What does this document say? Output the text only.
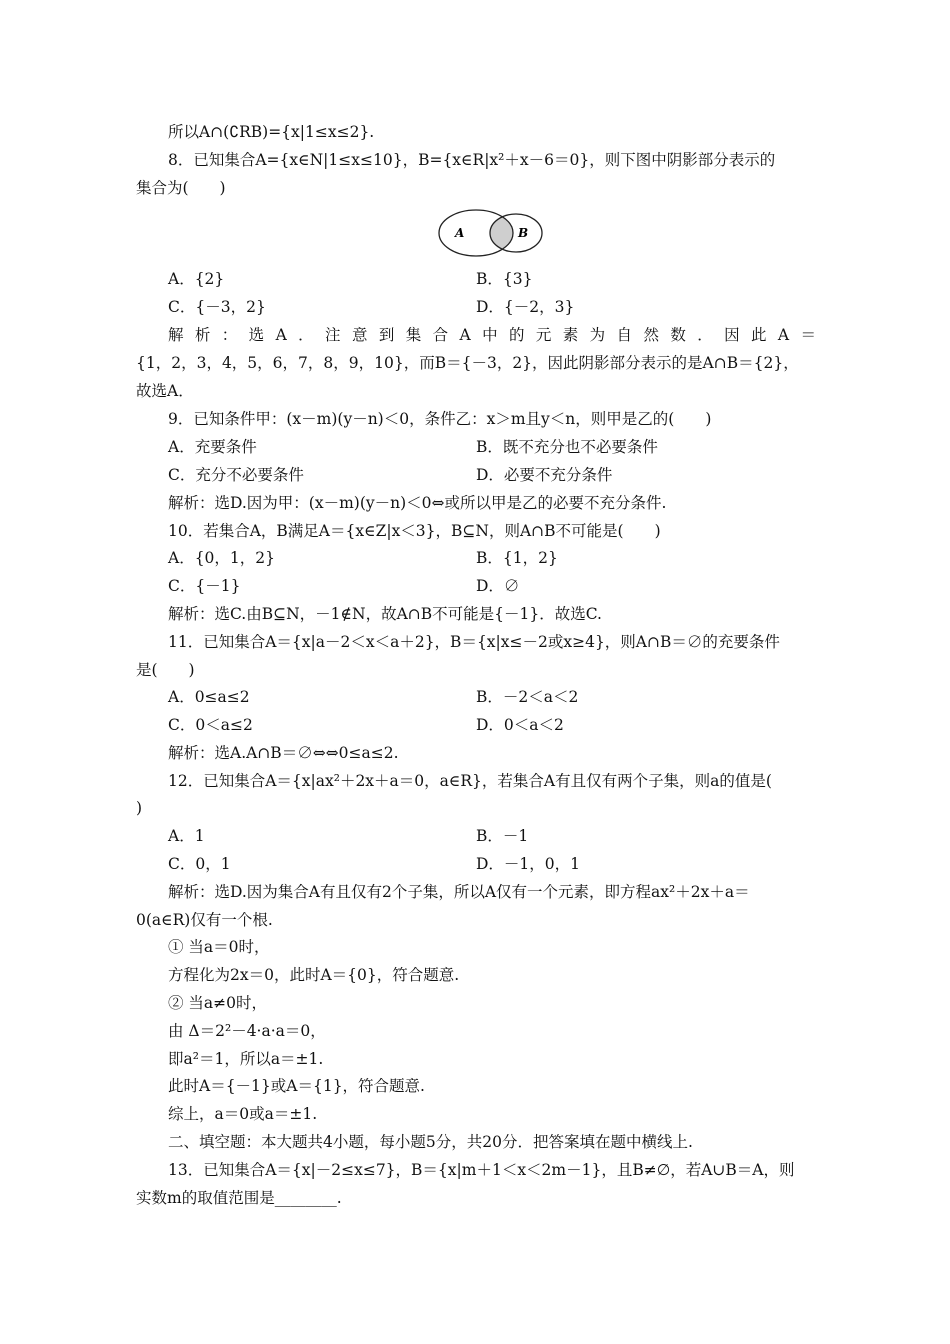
所以A∩(∁RB)={x|1≤x≤2}.
8．已知集合A={x∈N|1≤x≤10}，B={x∈R|x²＋x－6＝0}，则下图中阴影部分表示的
集合为(　　)
A	B
A．{2}	B．{3}
C．{－3，2}	D．{－2，3}
解析：选A．注意到集合A中的元素为自然数．因此A＝
{1，2，3，4，5，6，7，8，9，10}，而B＝{－3，2}，因此阴影部分表示的是A∩B＝{2}，
故选A．
9．已知条件甲：(x－m)(y－n)＜0，条件乙：x＞m且y＜n，则甲是乙的(　　)
A．充要条件	B．既不充分也不必要条件
C．充分不必要条件	D．必要不充分条件
解析：选D.因为甲：(x－m)(y－n)＜0⇔或所以甲是乙的必要不充分条件.
10．若集合A，B满足A＝{x∈Z|x＜3}，B⊆N，则A∩B不可能是(　　)
A．{0，1，2}	B．{1，2}
C．{－1}	D．∅
解析：选C.由B⊆N，－1∉N，故A∩B不可能是{－1}．故选C.
11．已知集合A＝{x|a－2＜x＜a＋2}，B＝{x|x≤－2或x≥4}，则A∩B＝∅的充要条件
是(　　)
A．0≤a≤2	B．－2＜a＜2
C．0＜a≤2	D．0＜a＜2
解析：选A.A∩B＝∅⇔⇔0≤a≤2.
12．已知集合A＝{x|ax²＋2x＋a＝0，a∈R}，若集合A有且仅有两个子集，则a的值是(
)
A．1	B．－1
C．0，1	D．－1，0，1
解析：选D.因为集合A有且仅有2个子集，所以A仅有一个元素，即方程ax²＋2x＋a＝
0(a∈R)仅有一个根.
① 当a＝0时，
方程化为2x＝0，此时A＝{0}，符合题意.
② 当a≠0时，
由 Δ＝2²－4·a·a＝0，
即a²＝1，所以a＝±1.
此时A＝{－1}或A＝{1}，符合题意.
综上，a＝0或a＝±1.
二、填空题：本大题共4小题，每小题5分，共20分．把答案填在题中横线上.
13．已知集合A＝{x|－2≤x≤7}，B＝{x|m＋1＜x＜2m－1}，且B≠∅，若A∪B＝A，则
实数m的取值范围是________.
